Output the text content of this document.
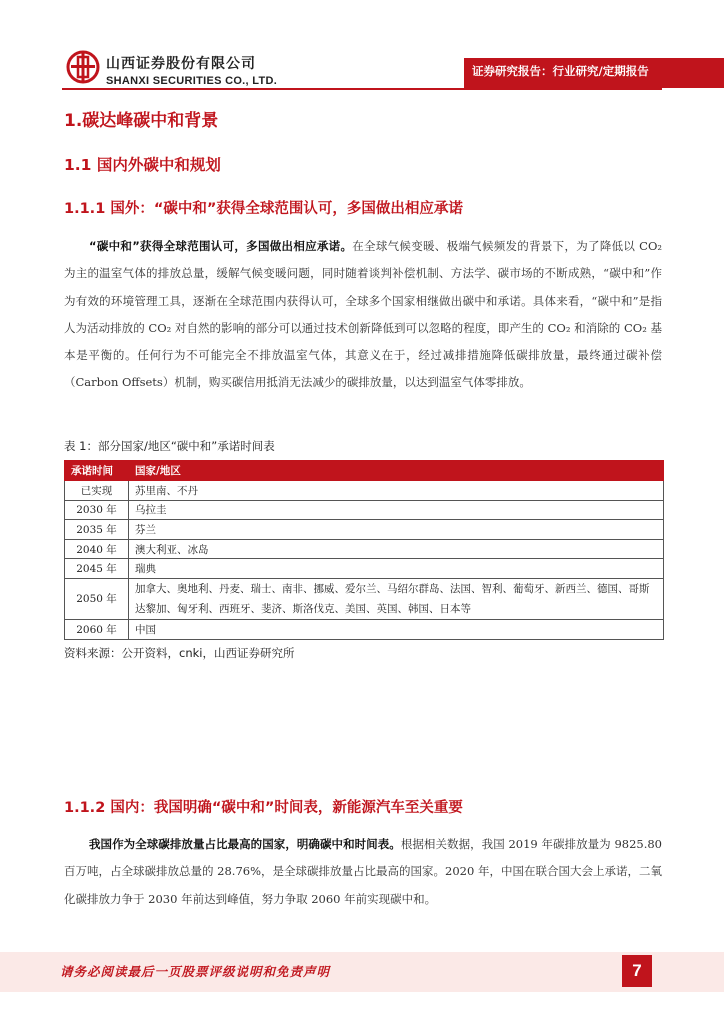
山西证券股份有限公司
SHANXI SECURITIES CO., LTD.
证券研究报告：行业研究/定期报告
1.碳达峰碳中和背景
1.1 国内外碳中和规划
1.1.1 国外：“碳中和”获得全球范围认可，多国做出相应承诺
“碳中和”获得全球范围认可，多国做出相应承诺。在全球气候变暖、极端气候频发的背景下，为了降低以 CO₂ 为主的温室气体的排放总量，缓解气候变暖问题，同时随着谈判补偿机制、方法学、碳市场的不断成熟，“碳中和”作为有效的环境管理工具，逐渐在全球范围内获得认可，全球多个国家相继做出碳中和承诺。具体来看，“碳中和”是指人为活动排放的 CO₂ 对自然的影响的部分可以通过技术创新降低到可以忽略的程度，即产生的 CO₂ 和消除的 CO₂ 基本是平衡的。任何行为不可能完全不排放温室气体，其意义在于，经过减排措施降低碳排放量，最终通过碳补偿（Carbon Offsets）机制，购买碳信用抵消无法减少的碳排放量，以达到温室气体零排放。
表 1：部分国家/地区“碳中和”承诺时间表
承诺时间	国家/地区
已实现	苏里南、不丹
2030 年	乌拉圭
2035 年	芬兰
2040 年	澳大利亚、冰岛
2045 年	瑞典
2050 年	加拿大、奥地利、丹麦、瑞士、南非、挪威、爱尔兰、马绍尔群岛、法国、智利、葡萄牙、新西兰、德国、哥斯达黎加、匈牙利、西班牙、斐济、斯洛伐克、美国、英国、韩国、日本等
2060 年	中国
资料来源：公开资料，cnki，山西证券研究所
1.1.2 国内：我国明确“碳中和”时间表，新能源汽车至关重要
我国作为全球碳排放量占比最高的国家，明确碳中和时间表。根据相关数据，我国 2019 年碳排放量为 9825.80 百万吨，占全球碳排放总量的 28.76%，是全球碳排放量占比最高的国家。2020 年，中国在联合国大会上承诺，二氧化碳排放力争于 2030 年前达到峰值，努力争取 2060 年前实现碳中和。
请务必阅读最后一页股票评级说明和免责声明	7
